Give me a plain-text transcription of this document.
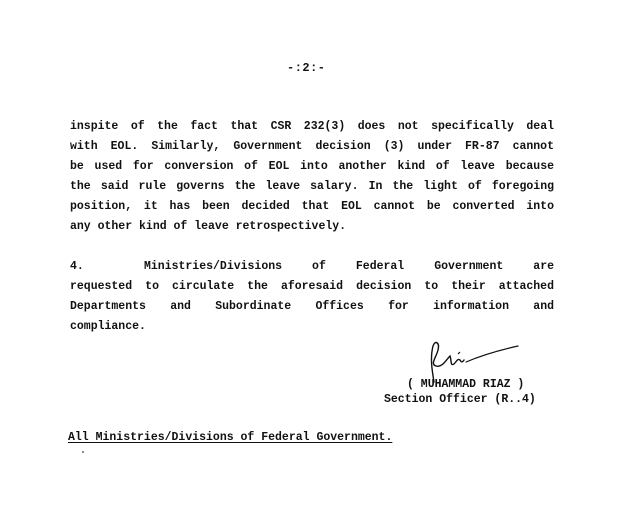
-:2:-
inspite of the fact that CSR 232(3) does not specifically deal
with EOL. Similarly, Government decision (3) under FR-87 cannot
be used for conversion of EOL into another kind of leave because
the said rule governs the leave salary. In the light of foregoing
position, it has been decided that EOL cannot be converted into
any other kind of leave retrospectively.
4.	Ministries/Divisions of Federal Government are
requested to circulate the aforesaid decision to their attached
Departments and Subordinate Offices for information and
compliance.
( MUHAMMAD RIAZ )
Section Officer (R..4)
All Ministries/Divisions of Federal Government.
